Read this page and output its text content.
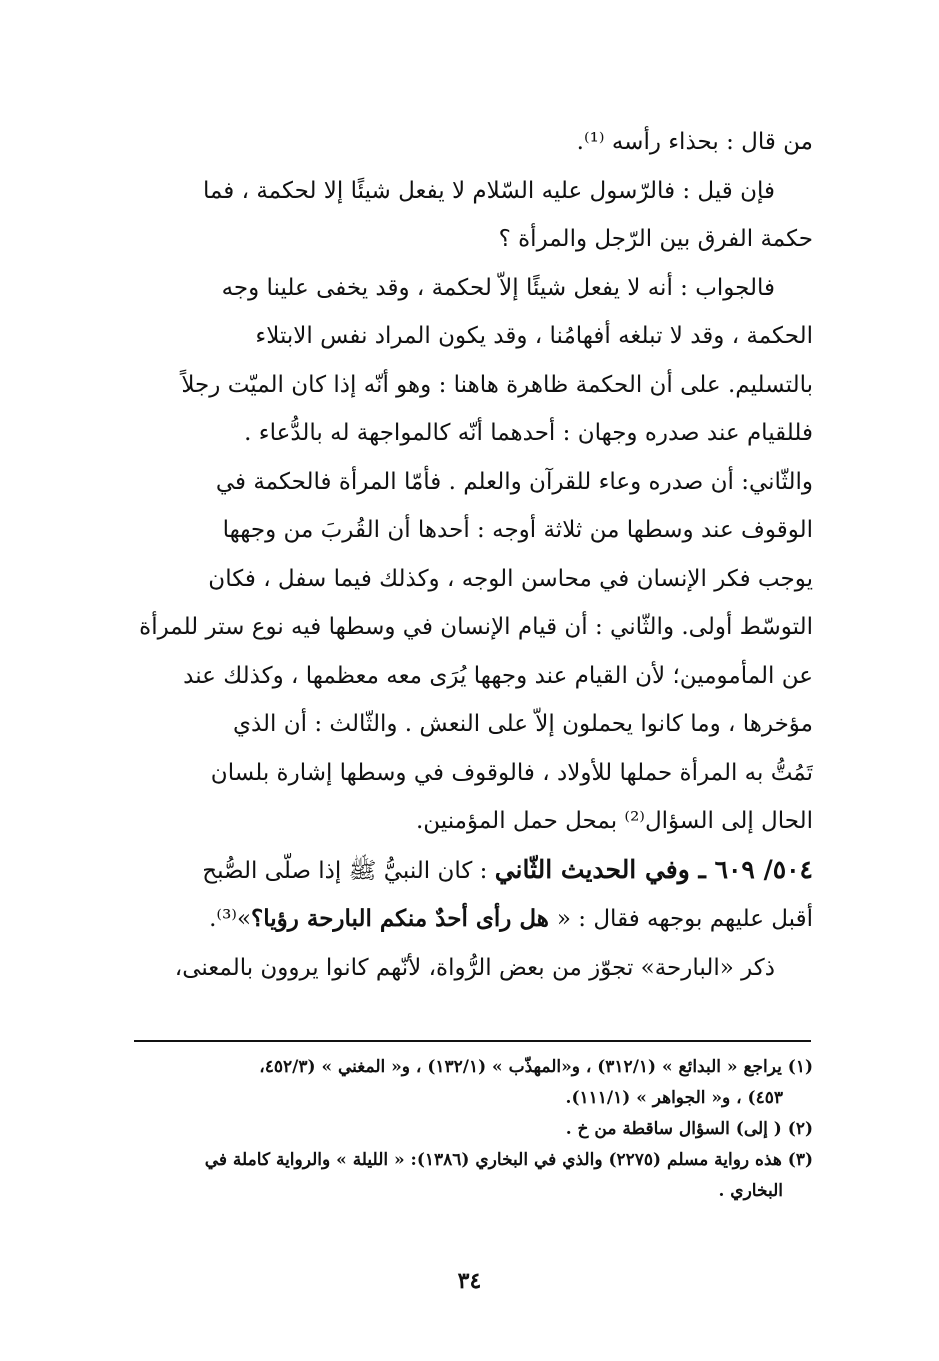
من قال : بحذاء رأسه ⁽¹⁾.
فإن قيل : فالرّسول عليه السّلام لا يفعل شيئًا إلا لحكمة ، فما
حكمة الفرق بين الرّجل والمرأة ؟
فالجواب : أنه لا يفعل شيئًا إلاّ لحكمة ، وقد يخفى علينا وجه
الحكمة ، وقد لا تبلغه أفهامُنا ، وقد يكون المراد نفس الابتلاء
بالتسليم. على أن الحكمة ظاهرة هاهنا : وهو أنّه إذا كان الميّت رجلاً
فللقيام عند صدره وجهان : أحدهما أنّه كالمواجهة له بالدُّعاء .
والثّاني: أن صدره وعاء للقرآن والعلم . فأمّا المرأة فالحكمة في
الوقوف عند وسطها من ثلاثة أوجه : أحدها أن القُربَ من وجهها
يوجب فكر الإنسان في محاسن الوجه ، وكذلك فيما سفل ، فكان
التوسّط أولى. والثّاني : أن قيام الإنسان في وسطها فيه نوع ستر للمرأة
عن المأمومين؛ لأن القيام عند وجهها يُرَى معه معظمها ، وكذلك عند
مؤخرها ، وما كانوا يحملون إلاّ على النعش . والثّالث : أن الذي
تَمُتُّ به المرأة حملها للأولاد ، فالوقوف في وسطها إشارة بلسان
الحال إلى السؤال⁽²⁾ بمحل حمل المؤمنين.
٥٠٤/ ٦٠٩ ـ وفي الحديث الثّاني : كان النبيُّ ﷺ إذا صلّى الصُّبح
أقبل عليهم بوجهه فقال : « هل رأى أحدٌ منكم البارحة رؤيا؟»⁽³⁾.
ذكر «البارحة» تجوّز من بعض الرُّواة، لأنّهم كانوا يروون بالمعنى،
(١) يراجع « البدائع » (٣١٢/١) ، و«المهذّب » (١٣٢/١) ، و« المغني » (٤٥٢/٣،
٤٥٣) ، و« الجواهر » (١١١/١).
(٢) ( إلى) السؤال ساقطة من خ .
(٣) هذه رواية مسلم (٢٢٧٥) والذي في البخاري (١٣٨٦): « الليلة » والرواية كاملة في
البخاري .
٣٤
